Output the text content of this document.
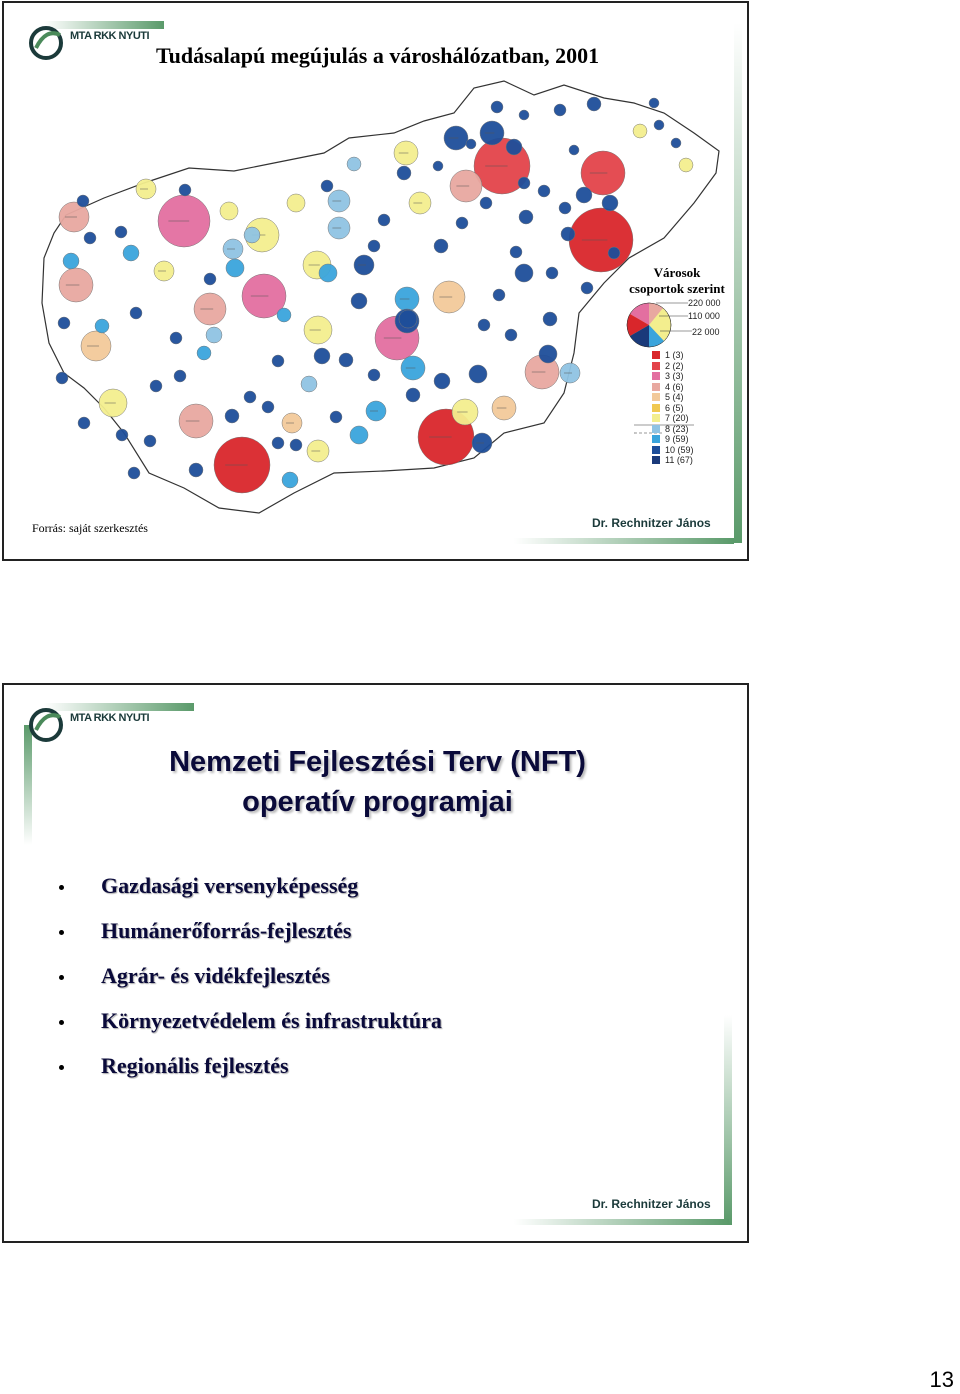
MTA RKK NYUTI
Tudásalapú megújulás a városhálózatban, 2001
Városok
csoportok szerint
220 000
110 000
22 000
1 (3)
2 (2)
3 (3)
4 (6)
5 (4)
6 (5)
7 (20)
8 (23)
9 (59)
10 (59)
11 (67)
Forrás: saját szerkesztés	Dr. Rechnitzer János
MTA RKK NYUTI
Nemzeti Fejlesztési Terv (NFT)
operatív programjai
Gazdasági versenyképesség
Humánerőforrás-fejlesztés
Agrár- és vidékfejlesztés
Környezetvédelem és infrastruktúra
Regionális fejlesztés
Dr. Rechnitzer János
13
